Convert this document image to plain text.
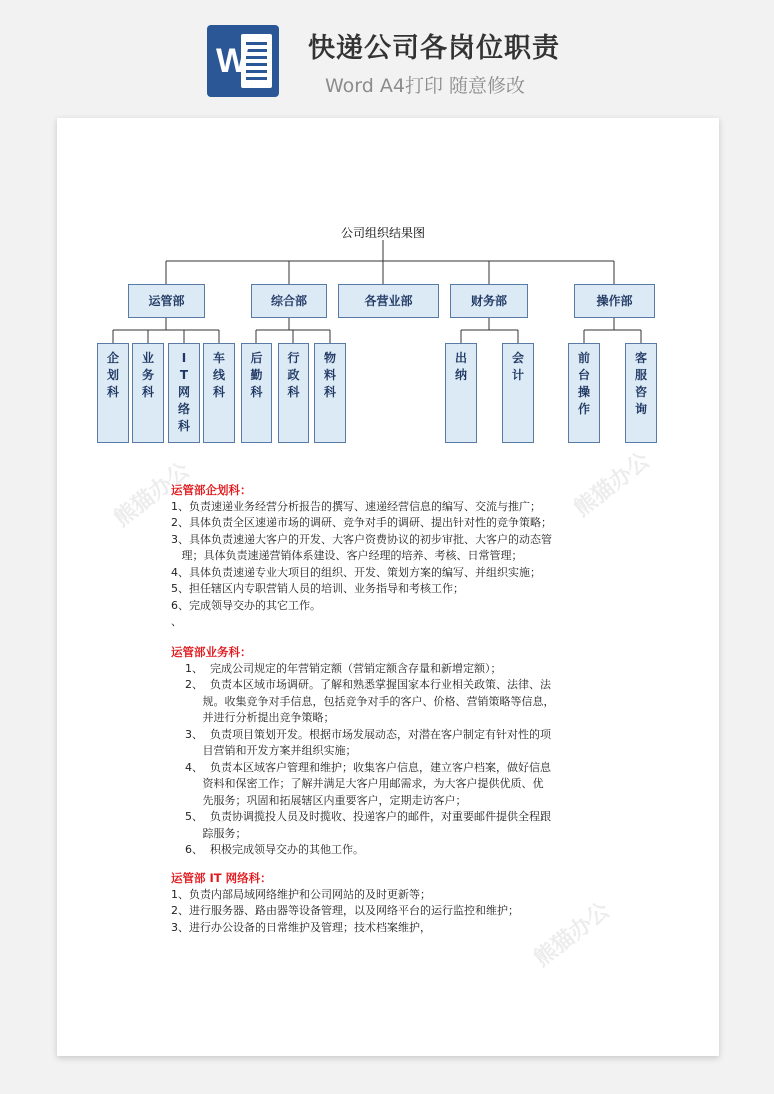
W 快递公司各岗位职责
Word A4打印 随意修改
熊猫办公	熊猫办公
熊猫办公
公司组织结果图
运管部	综合部	各营业部	财务部	操作部
企
划
科
业
务
科
I
T
网
络
科
车
线
科
后
勤
科
行
政
科
物
料
科
出
纳
会
计
前
台
操
作
客
服
咨
询
运管部企划科：
1、负责速递业务经营分析报告的撰写、速递经营信息的编写、交流与推广；
2、具体负责全区速递市场的调研、竞争对手的调研、提出针对性的竞争策略；
3、具体负责速递大客户的开发、大客户资费协议的初步审批、大客户的动态管
理；具体负责速递营销体系建设、客户经理的培养、考核、日常管理；
4、具体负责速递专业大项目的组织、开发、策划方案的编写、并组织实施；
5、担任辖区内专职营销人员的培训、业务指导和考核工作；
6、完成领导交办的其它工作。
、
运管部业务科：
1、  完成公司规定的年营销定额（营销定额含存量和新增定额）；
2、  负责本区域市场调研。了解和熟悉掌握国家本行业相关政策、法律、法
规。收集竞争对手信息，包括竞争对手的客户、价格、营销策略等信息，
并进行分析提出竞争策略；
3、  负责项目策划开发。根据市场发展动态，对潜在客户制定有针对性的项
目营销和开发方案并组织实施；
4、  负责本区域客户管理和维护；收集客户信息，建立客户档案，做好信息
资料和保密工作；了解并满足大客户用邮需求，为大客户提供优质、优
先服务；巩固和拓展辖区内重要客户，定期走访客户；
5、  负责协调揽投人员及时揽收、投递客户的邮件，对重要邮件提供全程跟
踪服务；
6、  积极完成领导交办的其他工作。
运管部 IT 网络科：
1、负责内部局域网络维护和公司网站的及时更新等；
2、进行服务器、路由器等设备管理，以及网络平台的运行监控和维护；
3、进行办公设备的日常维护及管理；技术档案维护，
